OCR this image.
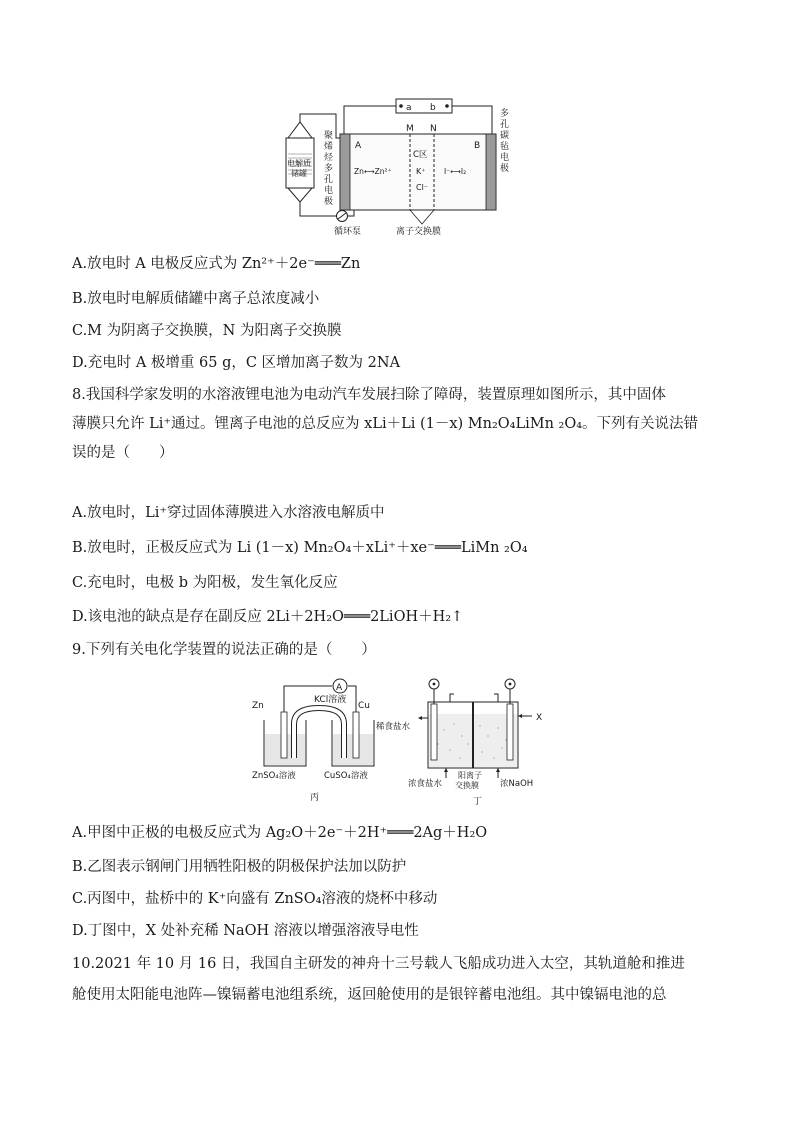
a b
M N
A	B
Zn⟷Zn²⁺
C区
K⁺
Cl⁻
I⁻⟷I₂
聚烯烃多孔电极
多孔碳毡电极
电解质储罐
循环泵	离子交换膜
A.放电时 A 电极反应式为 Zn²⁺＋2e⁻═══Zn
B.放电时电解质储罐中离子总浓度减小
C.M 为阴离子交换膜，N 为阳离子交换膜
D.充电时 A 极增重 65 g，C 区增加离子数为 2NA
8.我国科学家发明的水溶液锂电池为电动汽车发展扫除了障碍，装置原理如图所示，其中固体
薄膜只允许 Li⁺通过。锂离子电池的总反应为 xLi＋Li (1－x) Mn₂O₄LiMn ₂O₄。下列有关说法错
误的是（　　）
A.放电时，Li⁺穿过固体薄膜进入水溶液电解质中
B.放电时，正极反应式为 Li (1－x) Mn₂O₄＋xLi⁺＋xe⁻═══LiMn ₂O₄
C.充电时，电极 b 为阳极，发生氧化反应
D.该电池的缺点是存在副反应 2Li＋2H₂O═══2LiOH＋H₂↑
9.下列有关电化学装置的说法正确的是（　　）
A
KCl溶液
Zn	Cu
ZnSO₄溶液	CuSO₄溶液
丙
X
稀食盐水
浓食盐水
阳离子交换膜	浓NaOH
丁
A.甲图中正极的电极反应式为 Ag₂O＋2e⁻＋2H⁺═══2Ag＋H₂O
B.乙图表示钢闸门用牺牲阳极的阴极保护法加以防护
C.丙图中，盐桥中的 K⁺向盛有 ZnSO₄溶液的烧杯中移动
D.丁图中，X 处补充稀 NaOH 溶液以增强溶液导电性
10.2021 年 10 月 16 日，我国自主研发的神舟十三号载人飞船成功进入太空，其轨道舱和推进
舱使用太阳能电池阵—镍镉蓄电池组系统，返回舱使用的是银锌蓄电池组。其中镍镉电池的总
